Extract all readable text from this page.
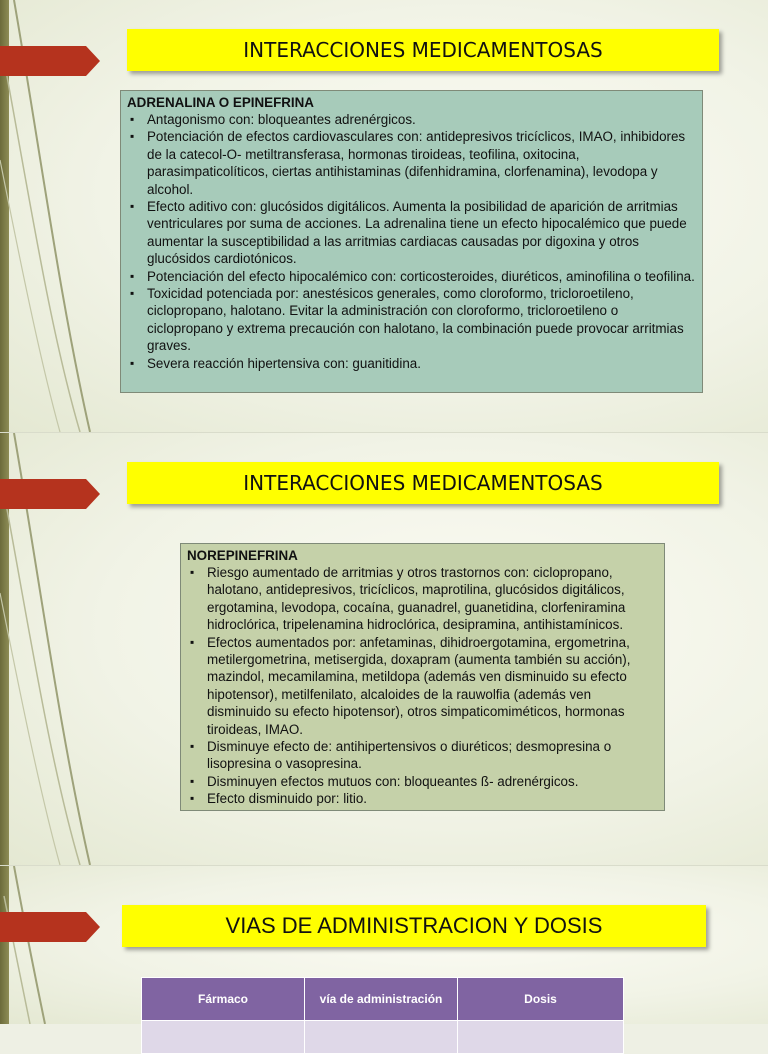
INTERACCIONES MEDICAMENTOSAS
INTERACCIONES MEDICAMENTOSAS
VIAS DE ADMINISTRACION Y DOSIS
ADRENALINA O EPINEFRINA
▪ Antagonismo con: bloqueantes adrenérgicos.
▪ Potenciación de efectos cardiovasculares con: antidepresivos tricíclicos, IMAO, inhibidores de la catecol-O- metiltransferasa, hormonas tiroideas, teofilina, oxitocina, parasimpaticolíticos, ciertas antihistaminas (difenhidramina, clorfenamina), levodopa y alcohol.
▪ Efecto aditivo con: glucósidos digitálicos. Aumenta la posibilidad de aparición de arritmias ventriculares por suma de acciones. La adrenalina tiene un efecto hipocalémico que puede aumentar la susceptibilidad a las arritmias cardiacas causadas por digoxina y otros glucósidos cardiotónicos.
▪ Potenciación del efecto hipocalémico con: corticosteroides, diuréticos, aminofilina o teofilina.
▪ Toxicidad potenciada por: anestésicos generales, como cloroformo, tricloroetileno, ciclopropano, halotano. Evitar la administración con cloroformo, tricloroetileno o ciclopropano y extrema precaución con halotano, la combinación puede provocar arritmias graves.
▪ Severa reacción hipertensiva con: guanitidina.
NOREPINEFRINA
▪ Riesgo aumentado de arritmias y otros trastornos con: ciclopropano, halotano, antidepresivos, tricíclicos, maprotilina, glucósidos digitálicos, ergotamina, levodopa, cocaína, guanadrel, guanetidina, clorfeniramina hidroclórica, tripelenamina hidroclórica, desipramina, antihistamínicos.
▪ Efectos aumentados por: anfetaminas, dihidroergotamina, ergometrina, metilergometrina, metisergida, doxapram (aumenta también su acción), mazindol, mecamilamina, metildopa (además ven disminuido su efecto hipotensor), metilfenilato, alcaloides de la rauwolfia (además ven disminuido su efecto hipotensor), otros simpaticomiméticos, hormonas tiroideas, IMAO.
▪ Disminuye efecto de: antihipertensivos o diuréticos; desmopresina o lisopresina o vasopresina.
▪ Disminuyen efectos mutuos con: bloqueantes ß- adrenérgicos.
▪ Efecto disminuido por: litio.
Fármaco	vía de administración	Dosis
